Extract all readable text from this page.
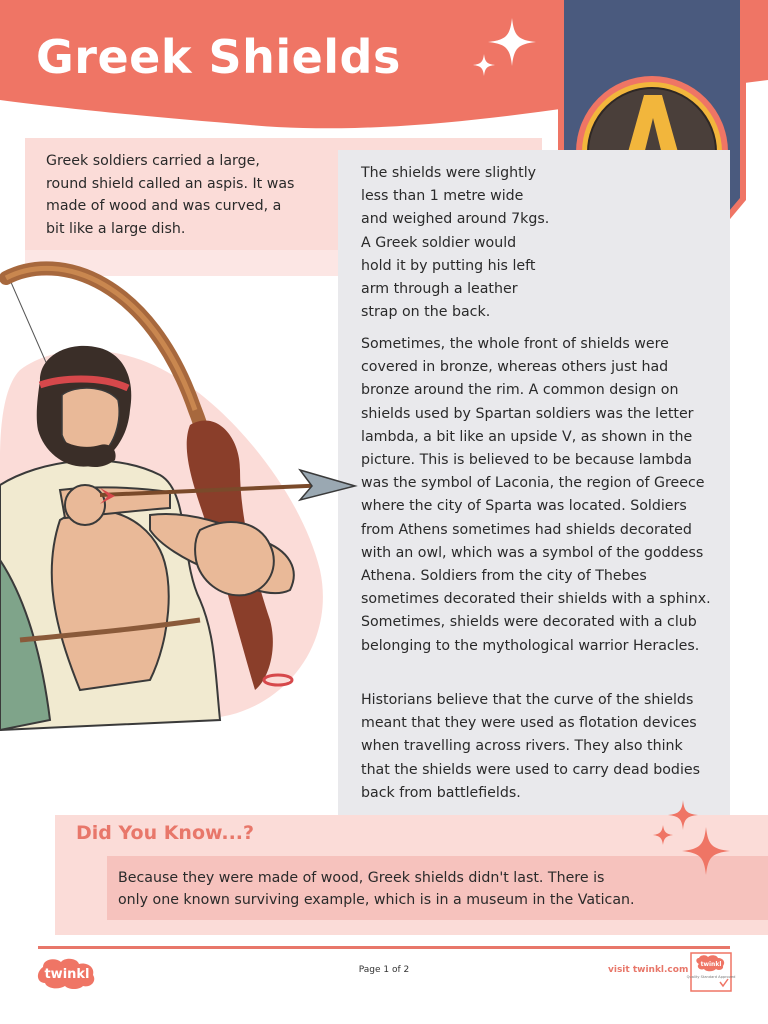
Greek Shields

Greek soldiers carried a large, round shield called an aspis. It was made of wood and was curved, a bit like a large dish.

The shields were slightly less than 1 metre wide and weighed around 7kgs. A Greek soldier would hold it by putting his left arm through a leather strap on the back.

Sometimes, the whole front of shields were covered in bronze, whereas others just had bronze around the rim. A common design on shields used by Spartan soldiers was the letter lambda, a bit like an upside V, as shown in the picture. This is believed to be because lambda was the symbol of Laconia, the region of Greece where the city of Sparta was located. Soldiers from Athens sometimes had shields decorated with an owl, which was a symbol of the goddess Athena. Soldiers from the city of Thebes sometimes decorated their shields with a sphinx. Sometimes, shields were decorated with a club belonging to the mythological warrior Heracles.

Historians believe that the curve of the shields meant that they were used as flotation devices when travelling across rivers. They also think that the shields were used to carry dead bodies back from battlefields.

Did You Know...?

Because they were made of wood, Greek shields didn't last. There is only one known surviving example, which is in a museum in the Vatican.

twinkl	Page 1 of 2	visit twinkl.com
twinkl
Quality Standard Approved
